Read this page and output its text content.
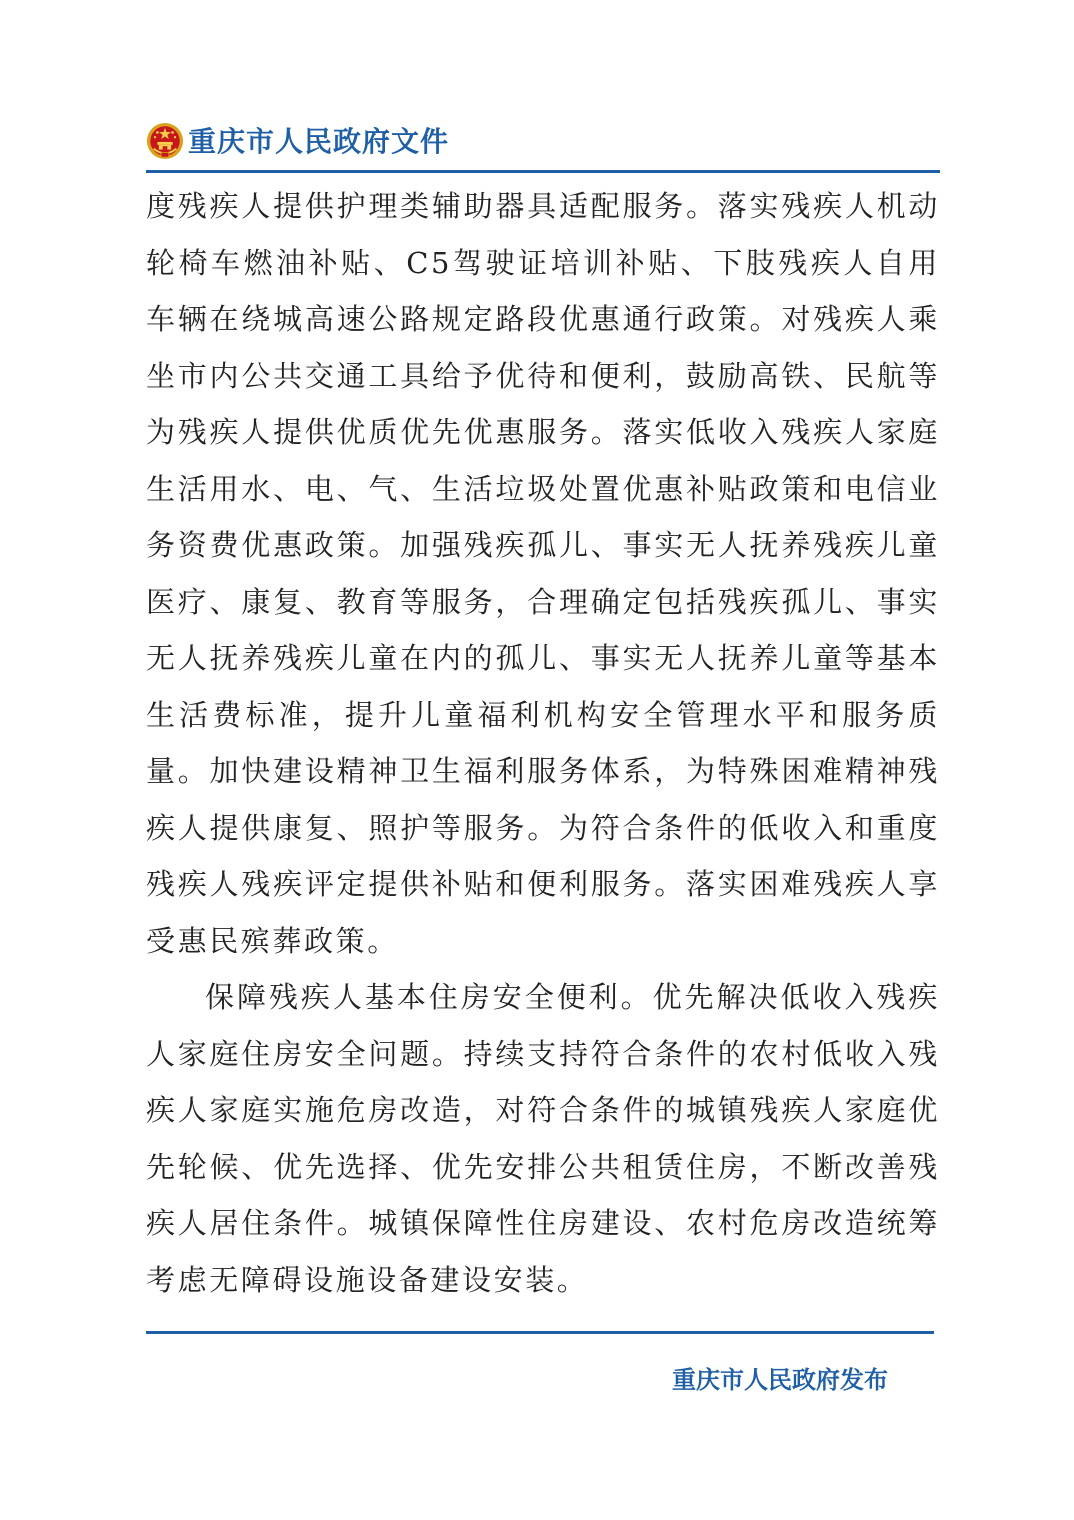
重庆市人民政府文件

度残疾人提供护理类辅助器具适配服务。落实残疾人机动轮椅车燃油补贴、C5驾驶证培训补贴、下肢残疾人自用车辆在绕城高速公路规定路段优惠通行政策。对残疾人乘坐市内公共交通工具给予优待和便利，鼓励高铁、民航等为残疾人提供优质优先优惠服务。落实低收入残疾人家庭生活用水、电、气、生活垃圾处置优惠补贴政策和电信业务资费优惠政策。加强残疾孤儿、事实无人抚养残疾儿童医疗、康复、教育等服务，合理确定包括残疾孤儿、事实无人抚养残疾儿童在内的孤儿、事实无人抚养儿童等基本生活费标准，提升儿童福利机构安全管理水平和服务质量。加快建设精神卫生福利服务体系，为特殊困难精神残疾人提供康复、照护等服务。为符合条件的低收入和重度残疾人残疾评定提供补贴和便利服务。落实困难残疾人享受惠民殡葬政策。

保障残疾人基本住房安全便利。优先解决低收入残疾人家庭住房安全问题。持续支持符合条件的农村低收入残疾人家庭实施危房改造，对符合条件的城镇残疾人家庭优先轮候、优先选择、优先安排公共租赁住房，不断改善残疾人居住条件。城镇保障性住房建设、农村危房改造统筹考虑无障碍设施设备建设安装。

重庆市人民政府发布
